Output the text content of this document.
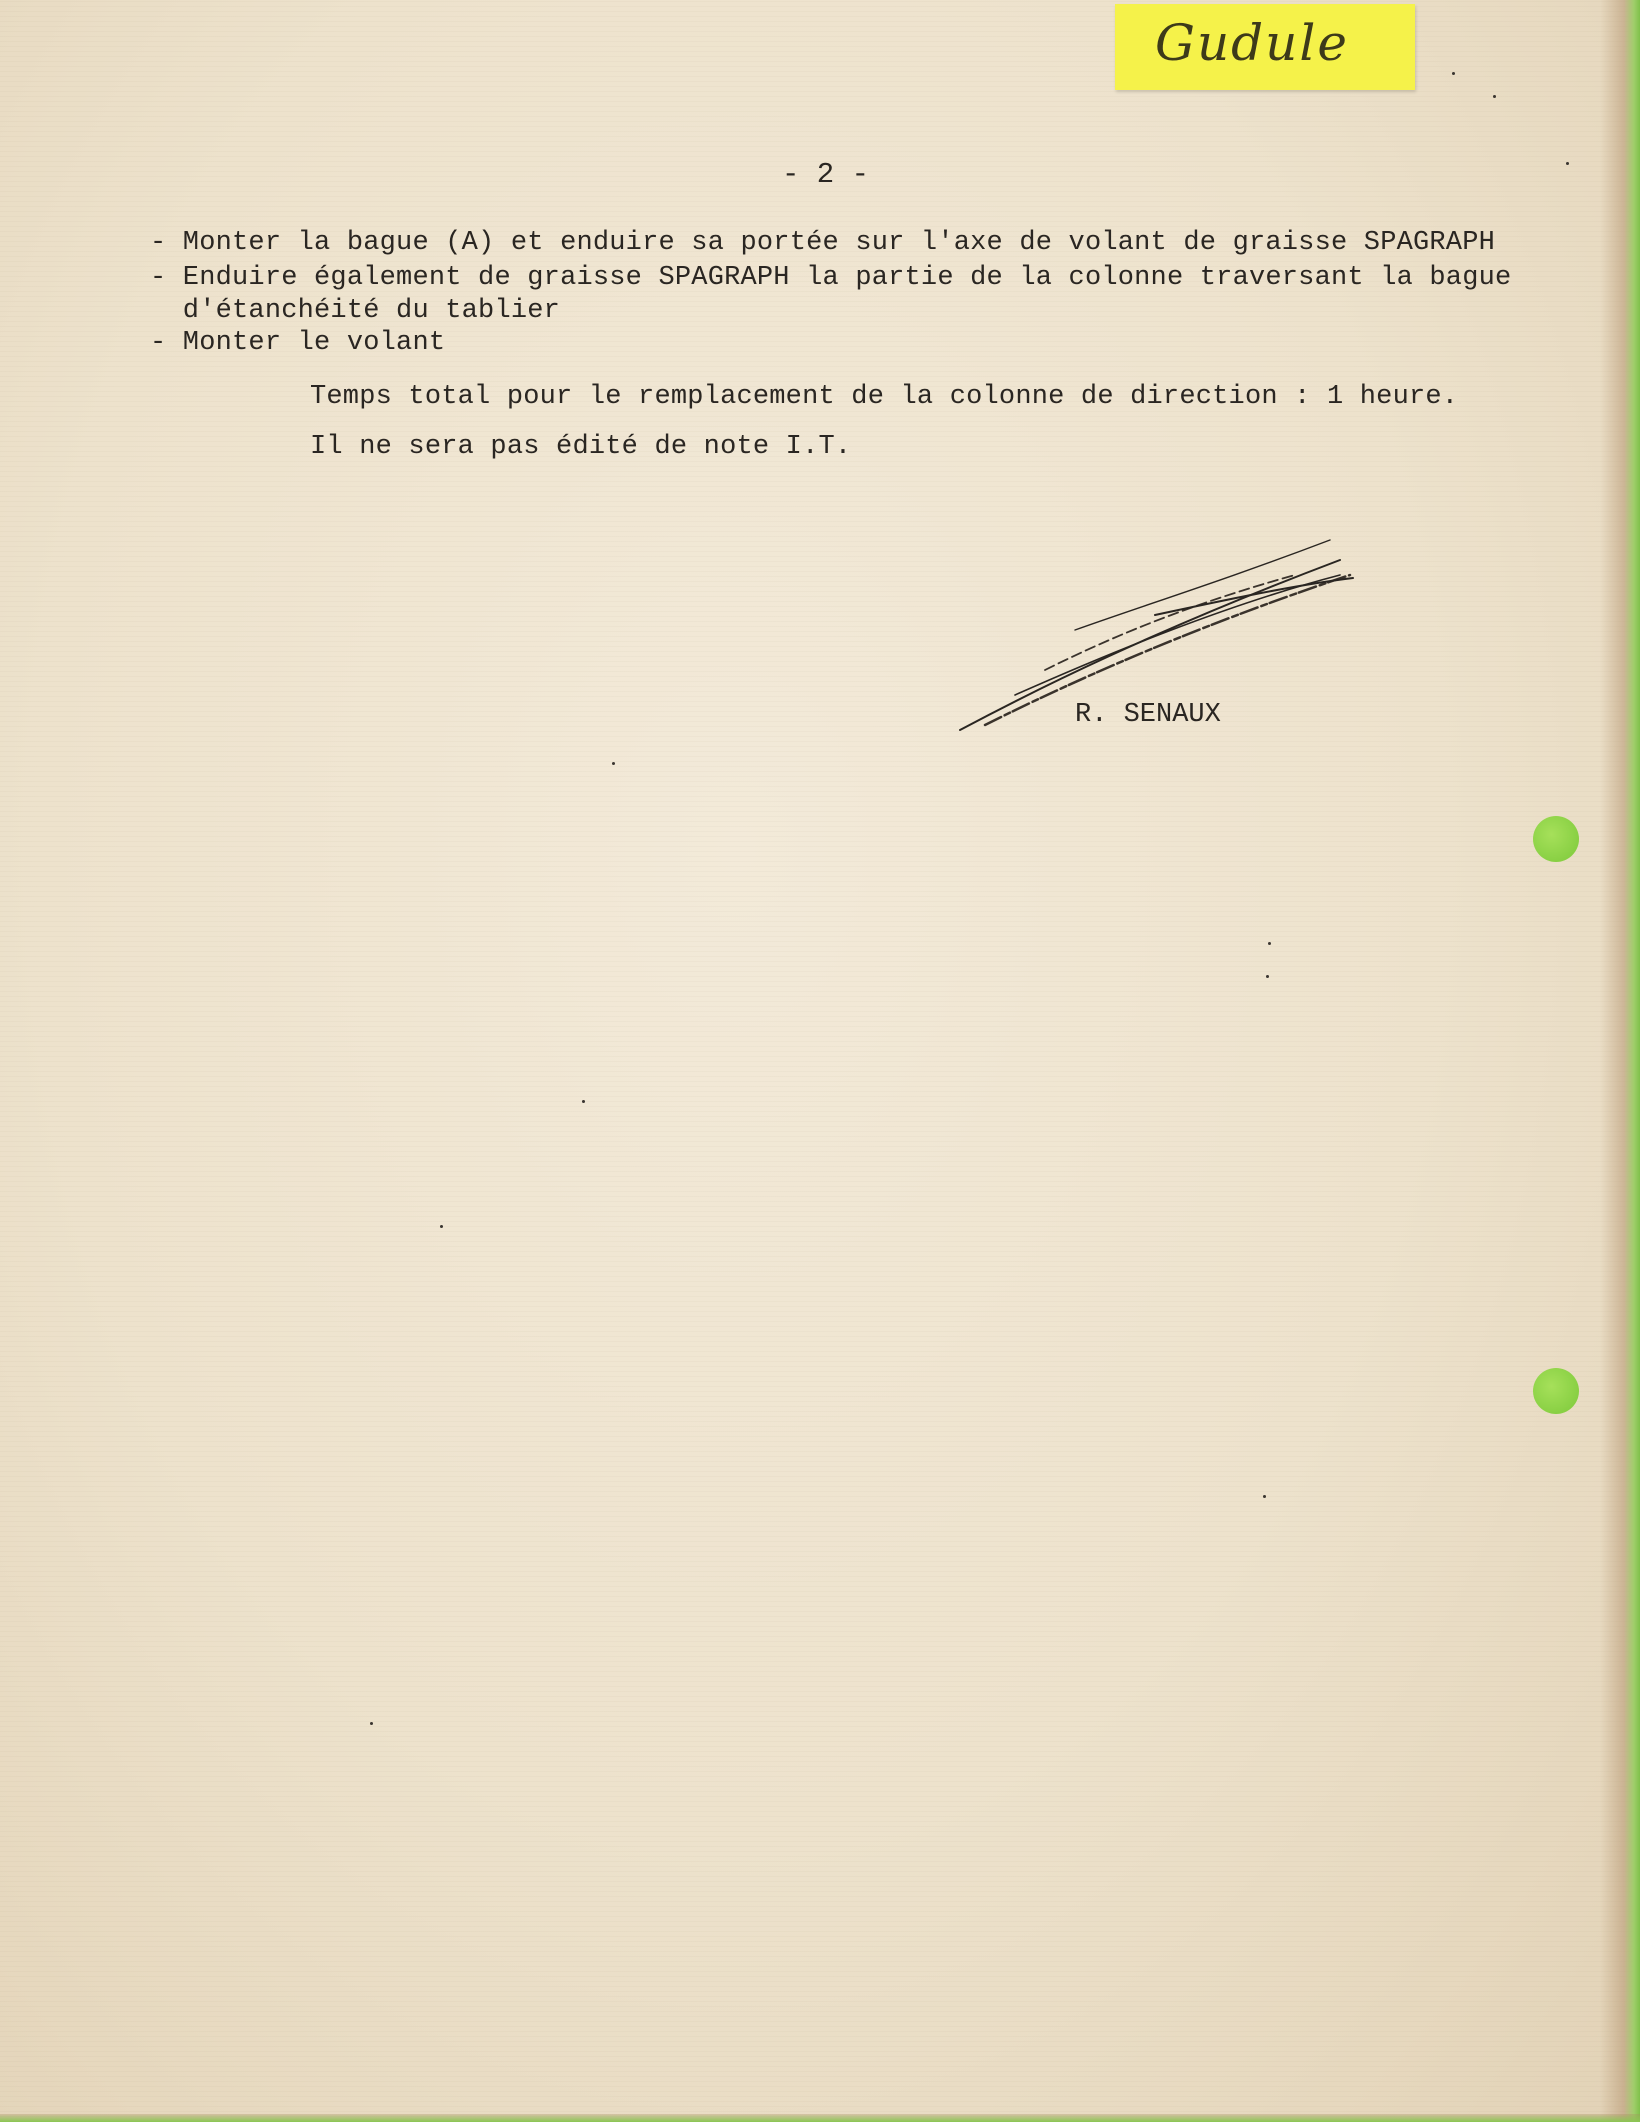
Gudule
- 2 -
- Monter la bague (A) et enduire sa portée sur l'axe de volant de graisse SPAGRAPH
- Enduire également de graisse SPAGRAPH la partie de la colonne traversant la bague
d'étanchéité du tablier
- Monter le volant
Temps total pour le remplacement de la colonne de direction : 1 heure.
Il ne sera pas édité de note I.T.
R. SENAUX
